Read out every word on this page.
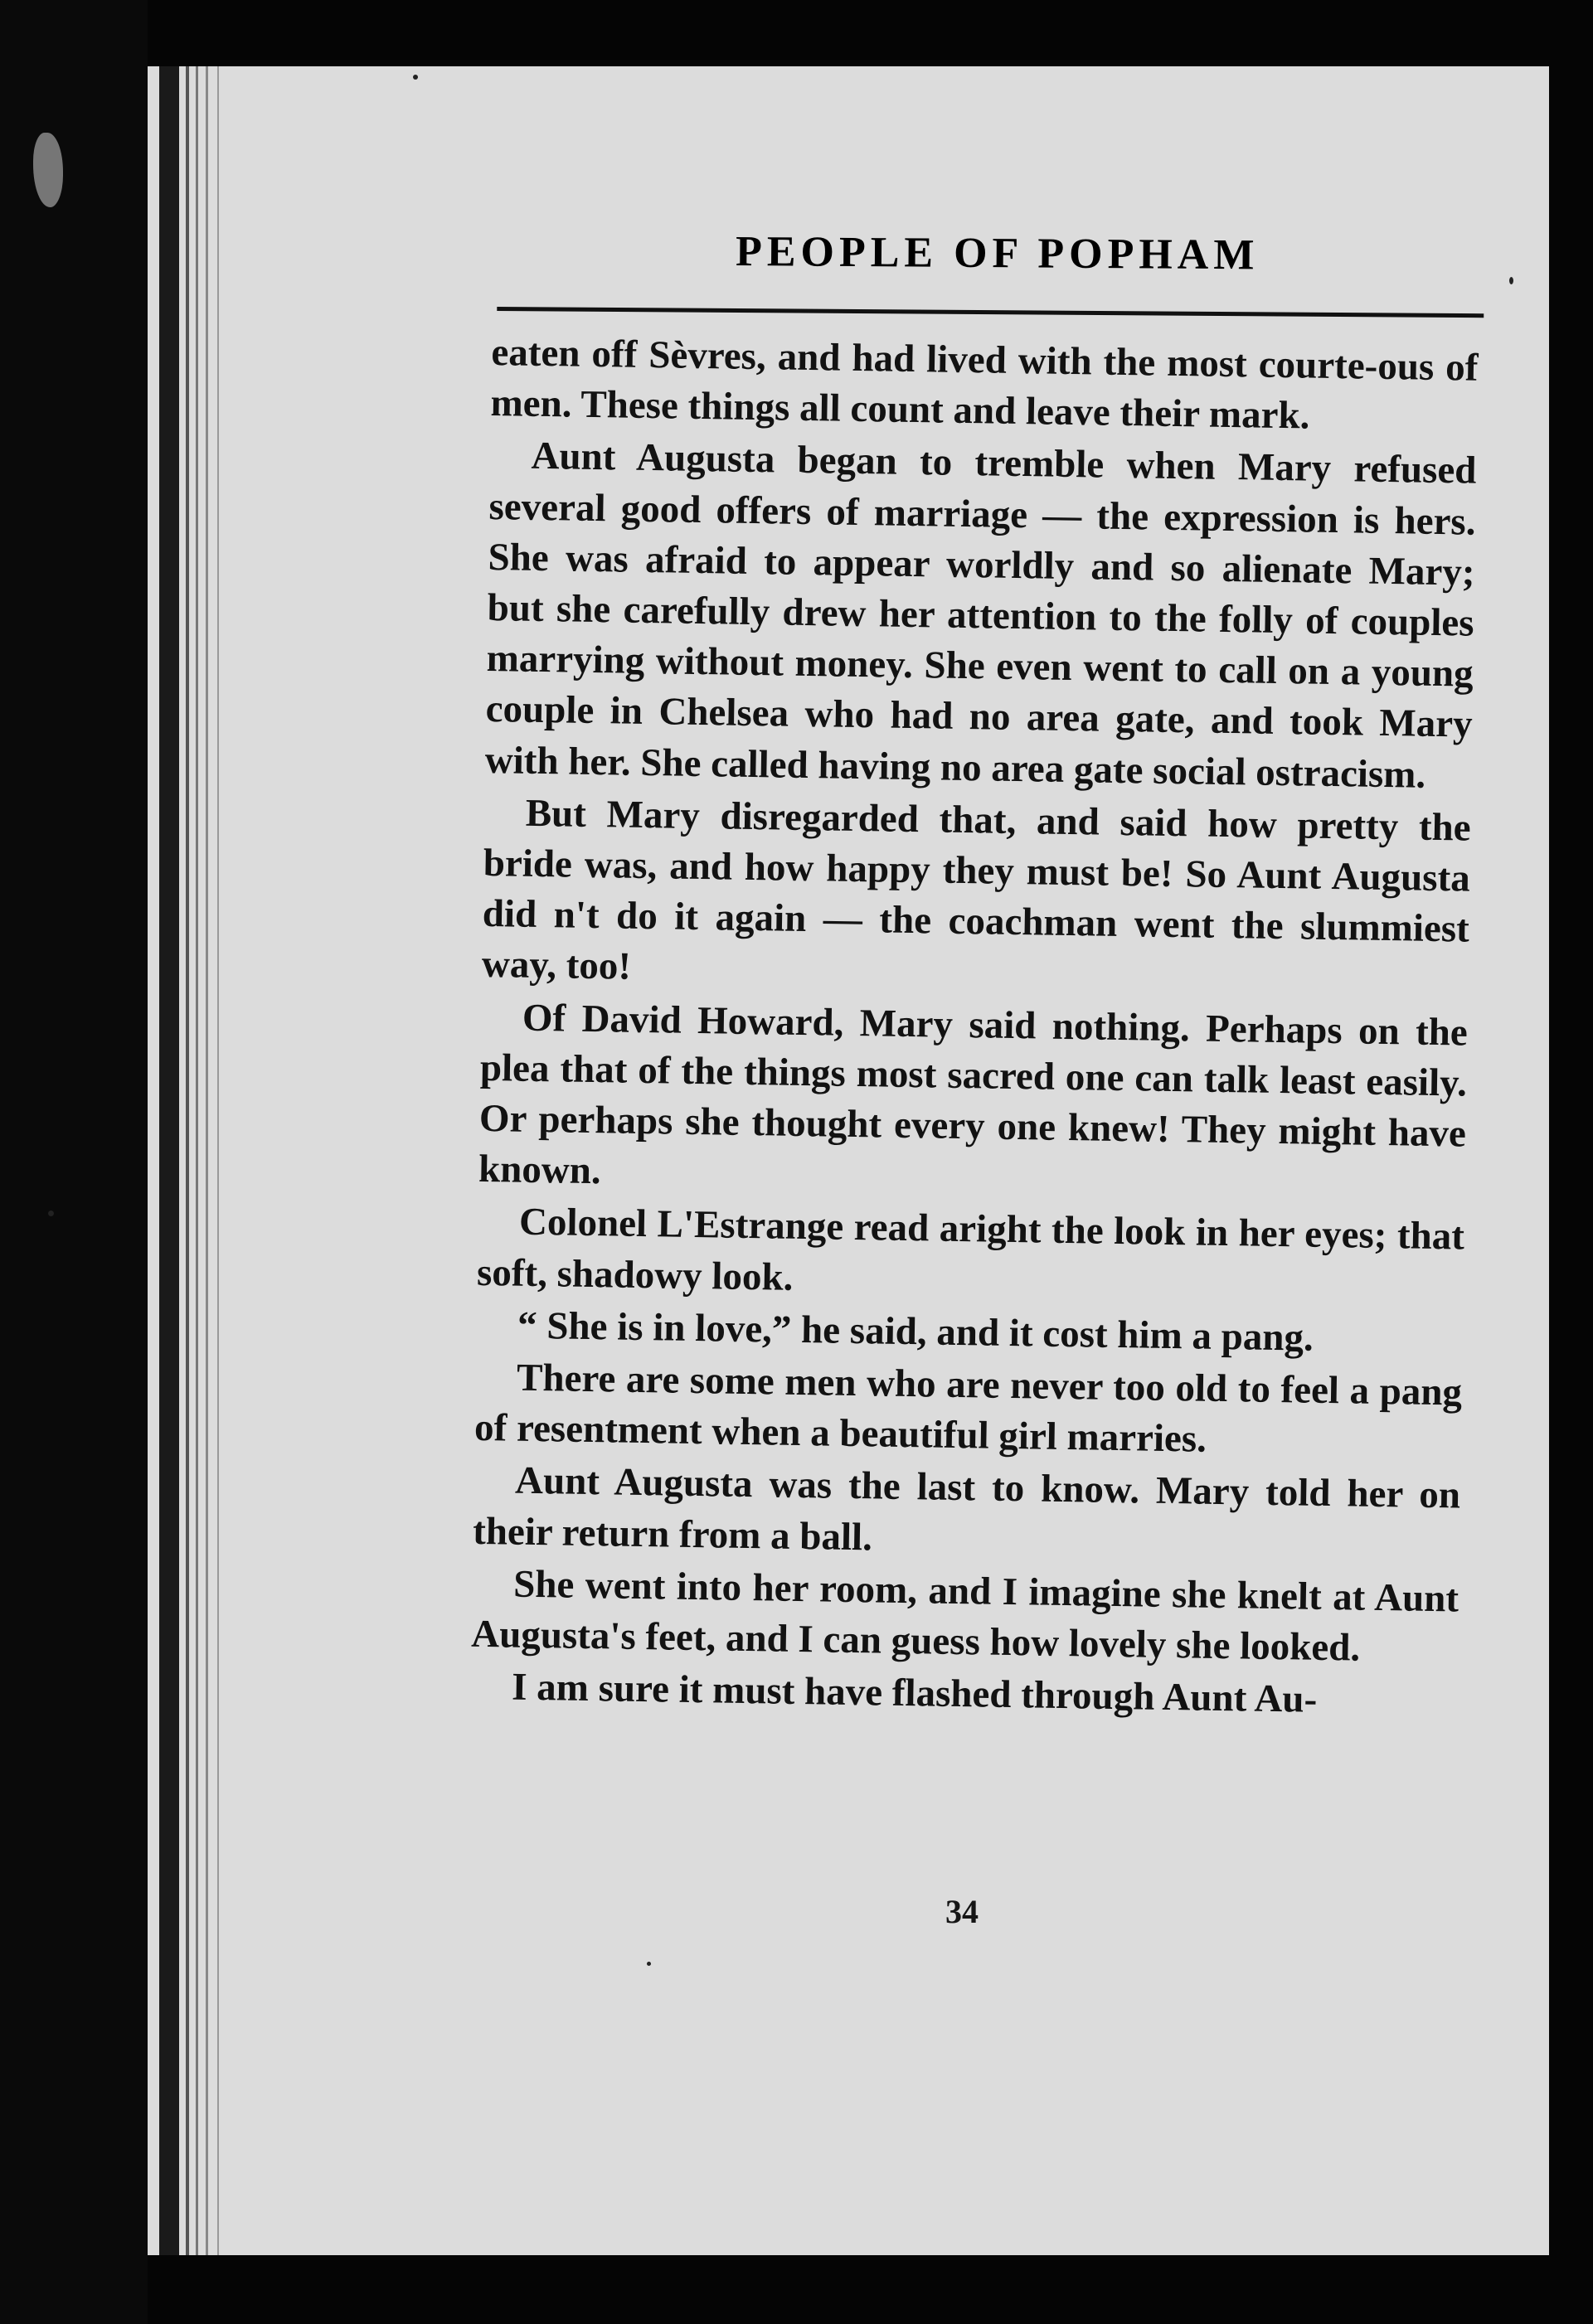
PEOPLE OF POPHAM

eaten off Sèvres, and had lived with the most courte-ous of men. These things all count and leave their mark.

Aunt Augusta began to tremble when Mary refused several good offers of marriage — the expression is hers. She was afraid to appear worldly and so alienate Mary; but she carefully drew her attention to the folly of couples marrying without money. She even went to call on a young couple in Chelsea who had no area gate, and took Mary with her. She called having no area gate social ostracism.

But Mary disregarded that, and said how pretty the bride was, and how happy they must be! So Aunt Augusta did n't do it again — the coachman went the slummiest way, too!

Of David Howard, Mary said nothing. Perhaps on the plea that of the things most sacred one can talk least easily. Or perhaps she thought every one knew! They might have known.

Colonel L'Estrange read aright the look in her eyes; that soft, shadowy look.

“ She is in love,” he said, and it cost him a pang.

There are some men who are never too old to feel a pang of resentment when a beautiful girl marries.

Aunt Augusta was the last to know. Mary told her on their return from a ball.

She went into her room, and I imagine she knelt at Aunt Augusta's feet, and I can guess how lovely she looked.

I am sure it must have flashed through Aunt Au-

34
